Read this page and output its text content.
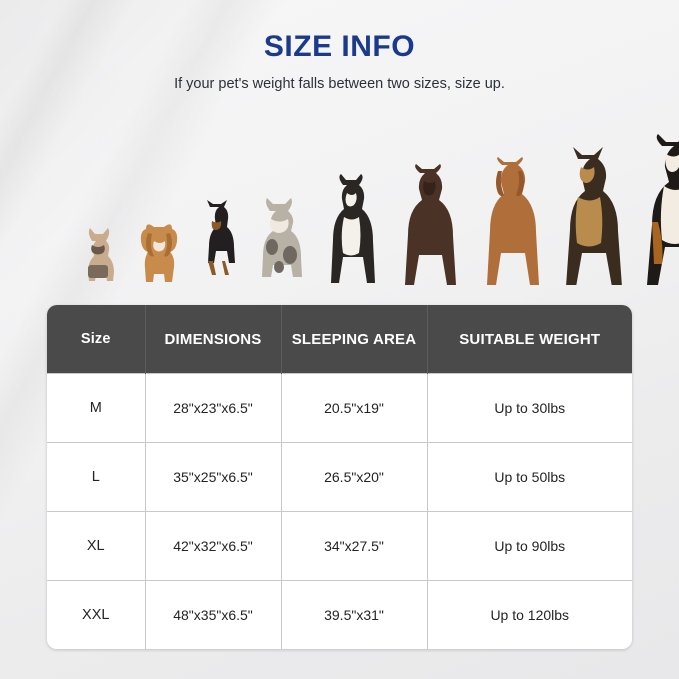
SIZE INFO
If your pet's weight falls between two sizes, size up.
Size	DIMENSIONS	SLEEPING AREA	SUITABLE WEIGHT
M	28"x23"x6.5"	20.5"x19"	Up to 30lbs
L	35"x25"x6.5"	26.5"x20"	Up to 50lbs
XL	42"x32"x6.5"	34"x27.5"	Up to 90lbs
XXL	48"x35"x6.5"	39.5"x31"	Up to 120lbs
